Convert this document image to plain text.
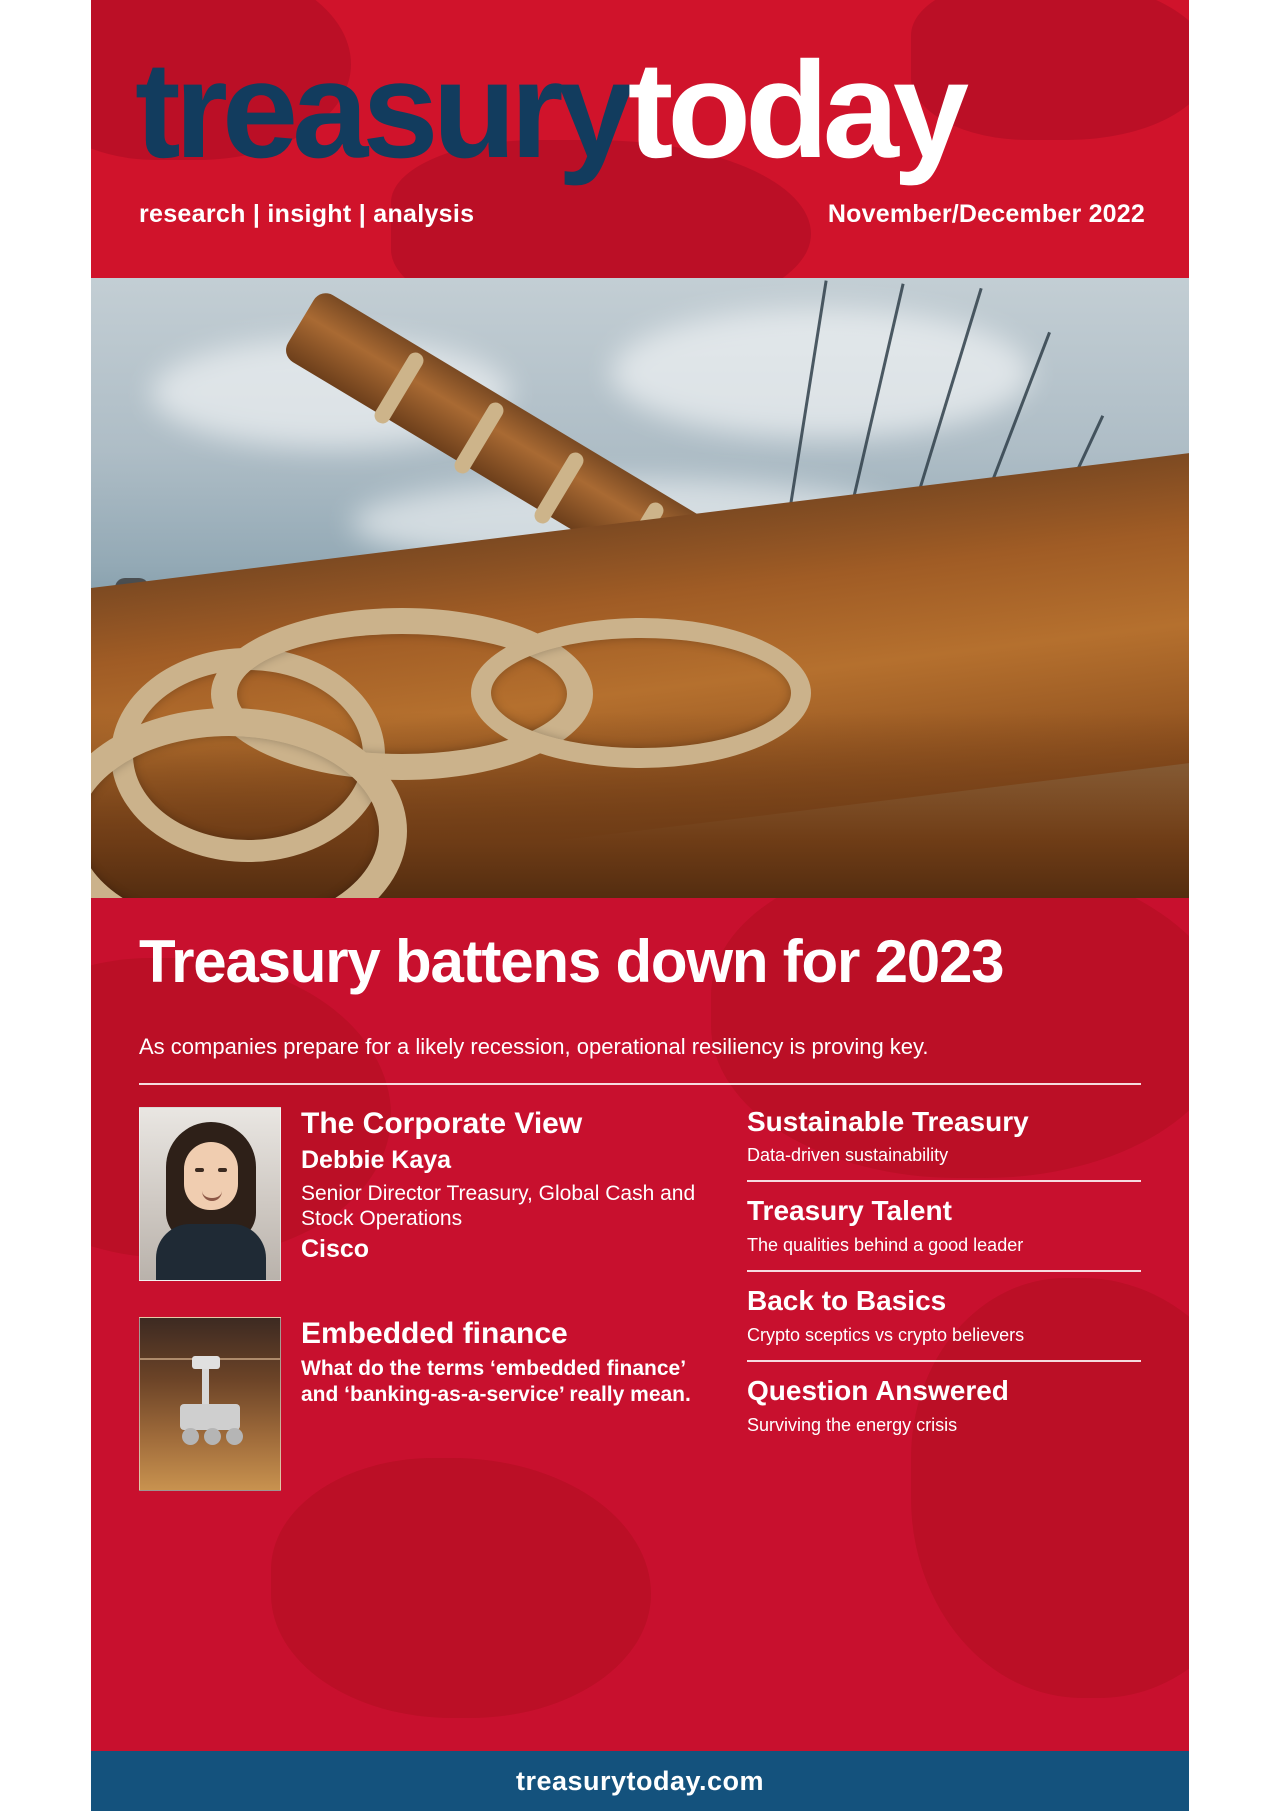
treasurytoday
research | insight | analysis	November/December 2022
Treasury battens down for 2023
As companies prepare for a likely recession, operational resiliency is proving key.
The Corporate View
Debbie Kaya
Senior Director Treasury, Global Cash and Stock Operations
Cisco
Embedded finance
What do the terms ‘embedded finance’ and ‘banking-as-a-service’ really mean.
Sustainable Treasury
Data-driven sustainability
Treasury Talent
The qualities behind a good leader
Back to Basics
Crypto sceptics vs crypto believers
Question Answered
Surviving the energy crisis
treasurytoday.com
